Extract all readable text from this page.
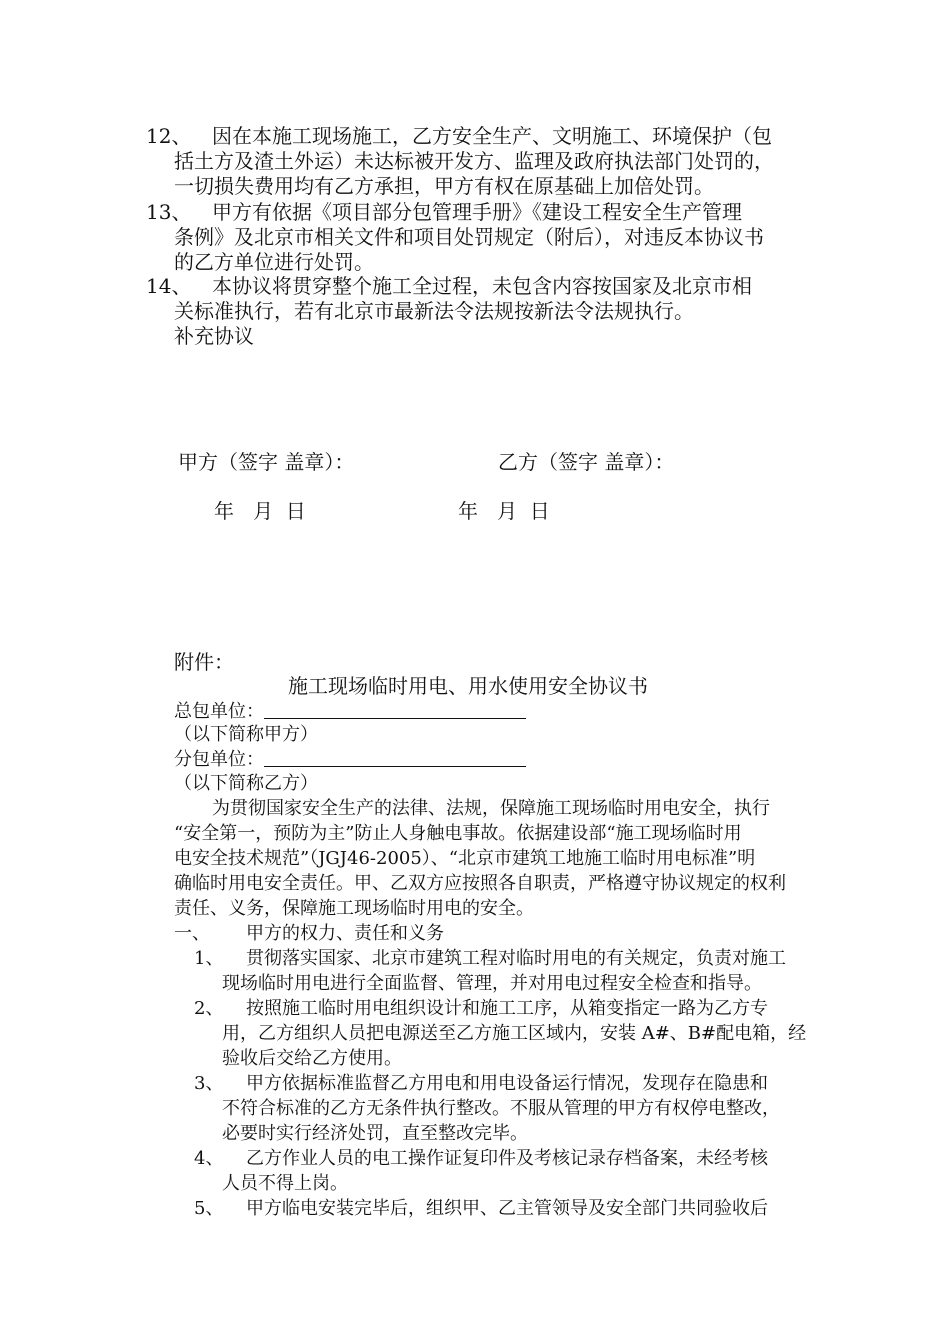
12、 因在本施工现场施工，乙方安全生产、文明施工、环境保护（包
括土方及渣土外运）未达标被开发方、监理及政府执法部门处罚的，
一切损失费用均有乙方承担，甲方有权在原基础上加倍处罚。
13、 甲方有依据《项目部分包管理手册》《建设工程安全生产管理
条例》及北京市相关文件和项目处罚规定（附后），对违反本协议书
的乙方单位进行处罚。
14、 本协议将贯穿整个施工全过程，未包含内容按国家及北京市相
关标准执行，若有北京市最新法令法规按新法令法规执行。
补充协议
甲方（签字 盖章）：	乙方（签字 盖章）：
年   月  日	年   月  日
附件：
施工现场临时用电、用水使用安全协议书
总包单位：
（以下简称甲方）
分包单位：
（以下简称乙方）
为贯彻国家安全生产的法律、法规，保障施工现场临时用电安全，执行
“安全第一，预防为主”防止人身触电事故。依据建设部“施工现场临时用
电安全技术规范”（JGJ46-2005）、“北京市建筑工地施工临时用电标准”明
确临时用电安全责任。甲、乙双方应按照各自职责，严格遵守协议规定的权利
责任、义务，保障施工现场临时用电的安全。
一、 甲方的权力、责任和义务
1、 贯彻落实国家、北京市建筑工程对临时用电的有关规定，负责对施工
现场临时用电进行全面监督、管理，并对用电过程安全检查和指导。
2、 按照施工临时用电组织设计和施工工序，从箱变指定一路为乙方专
用，乙方组织人员把电源送至乙方施工区域内，安装 A#、B#配电箱，经
验收后交给乙方使用。
3、 甲方依据标准监督乙方用电和用电设备运行情况，发现存在隐患和
不符合标准的乙方无条件执行整改。不服从管理的甲方有权停电整改，
必要时实行经济处罚，直至整改完毕。
4、 乙方作业人员的电工操作证复印件及考核记录存档备案，未经考核
人员不得上岗。
5、 甲方临电安装完毕后，组织甲、乙主管领导及安全部门共同验收后
